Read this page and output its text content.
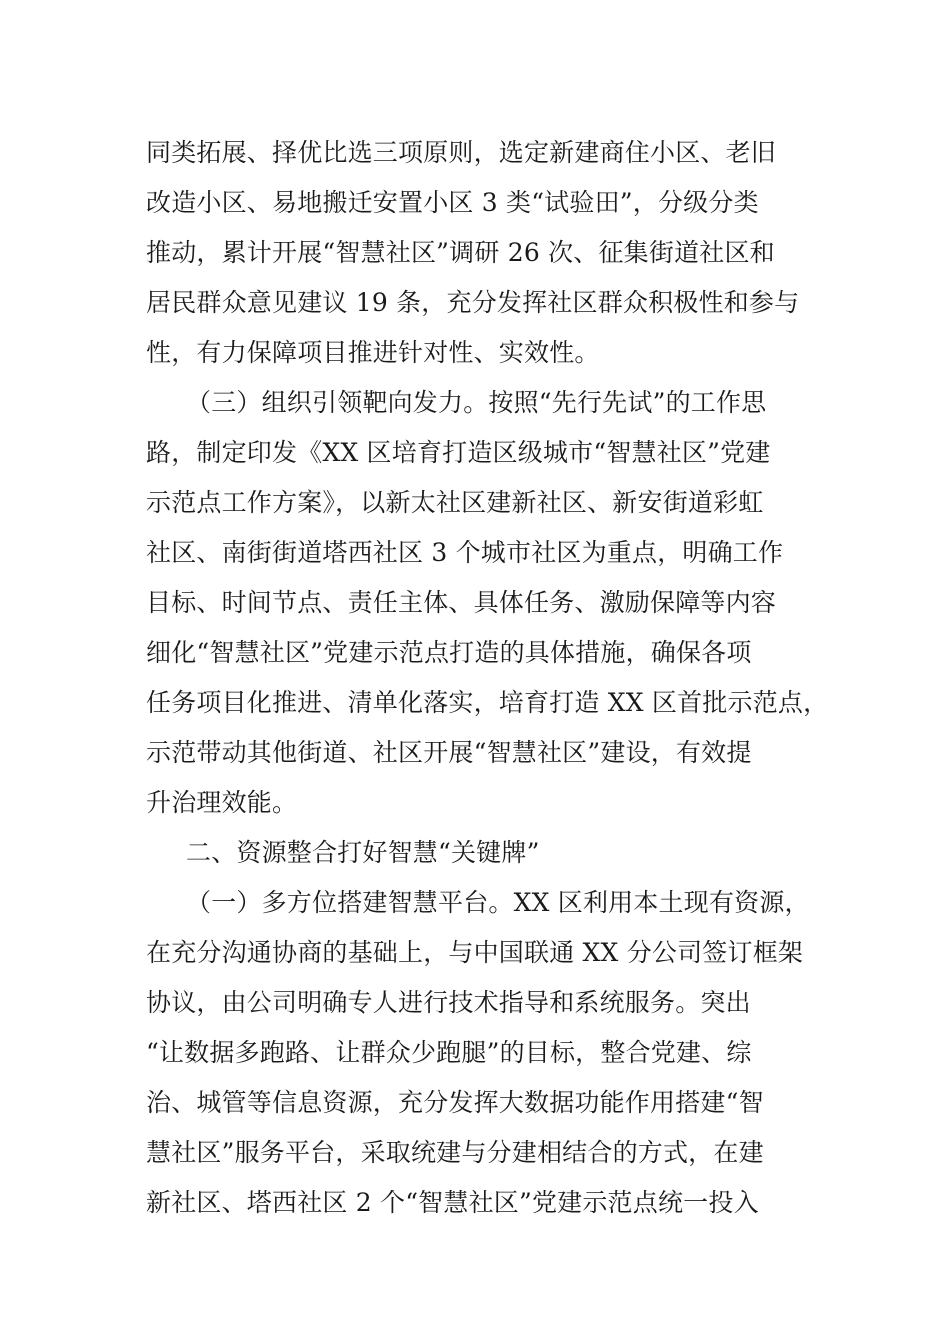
同类拓展、择优比选三项原则，选定新建商住小区、老旧

改造小区、易地搬迁安置小区 3 类“试验田”，分级分类

推动，累计开展“智慧社区”调研 26 次、征集街道社区和

居民群众意见建议 19 条，充分发挥社区群众积极性和参与

性，有力保障项目推进针对性、实效性。

（三）组织引领靶向发力。按照“先行先试”的工作思

路，制定印发《XX 区培育打造区级城市“智慧社区”党建

示范点工作方案》，以新太社区建新社区、新安街道彩虹

社区、南街街道塔西社区 3 个城市社区为重点，明确工作

目标、时间节点、责任主体、具体任务、激励保障等内容

细化“智慧社区”党建示范点打造的具体措施，确保各项

任务项目化推进、清单化落实，培育打造 XX 区首批示范点，

示范带动其他街道、社区开展“智慧社区”建设，有效提

升治理效能。

二、资源整合打好智慧“关键牌”

（一）多方位搭建智慧平台。XX 区利用本土现有资源，

在充分沟通协商的基础上，与中国联通 XX 分公司签订框架

协议，由公司明确专人进行技术指导和系统服务。突出

“让数据多跑路、让群众少跑腿”的目标，整合党建、综

治、城管等信息资源，充分发挥大数据功能作用搭建“智

慧社区”服务平台，采取统建与分建相结合的方式，在建

新社区、塔西社区 2 个“智慧社区”党建示范点统一投入
